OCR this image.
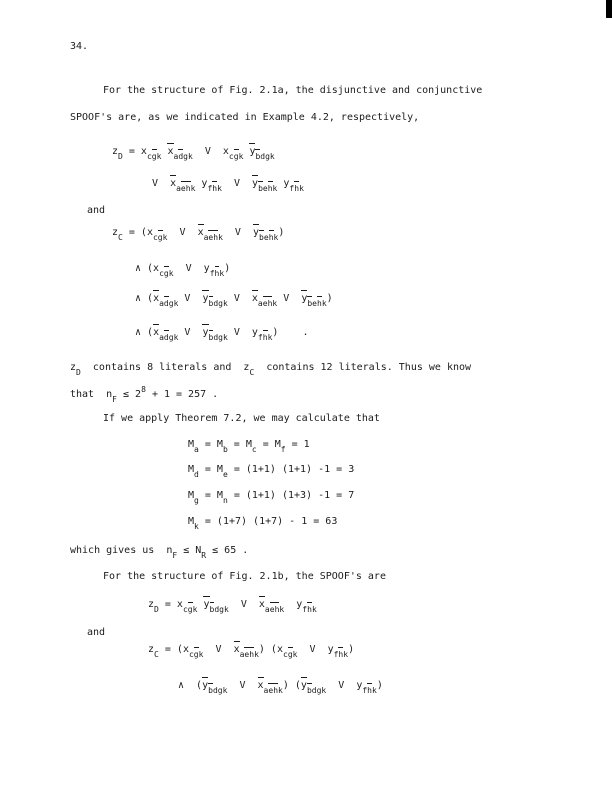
34.
For the structure of Fig. 2.1a, the disjunctive and conjunctive
SPOOF's are, as we indicated in Example 4.2, respectively,
$z_D = x_{cgk}$ $x_{adgk}$  V  $x_{cgk}$ $y_{bdgk}$
V  $x_{aehk}$ $y_{fhk}$  V  $y_{behk}$ $y_{fhk}$
and
$z_C = (x_{cgk}$  V  $x_{aehk}$  V  $y_{behk}$)
∧ ($x_{cgk}$  V  $y_{fhk}$)
∧ ($x_{adgk}$ V  $y_{bdgk}$ V  $x_{aehk}$ V  $y_{behk}$)
∧ ($x_{adgk}$ V  $y_{bdgk}$ V  $y_{fhk}$)    .
$z_D$ contains 8 literals and  $z_C$ contains 12 literals. Thus we know
that  $n_F \le 2^8 + 1 = 257$ .
If we apply Theorem 7.2, we may calculate that
$M_a = M_b = M_c = M_f = 1$
$M_d = M_e = (1+1)$ (1+1) -1 = 3
$M_g = M_n = (1+1)$ (1+3) -1 = 7
$M_k = (1+7)$ (1+7) - 1 = 63
which gives us  $n_F \le N_R \le 65$ .
For the structure of Fig. 2.1b, the SPOOF's are
$z_D = x_{cgk}$ $y_{bdgk}$  V  $x_{aehk}$  $y_{fhk}$
and
$z_C = (x_{cgk}$  V  $x_{aehk}$) ($x_{cgk}$  V  $y_{fhk}$)
∧  ($y_{bdgk}$  V  $x_{aehk}$) ($y_{bdgk}$  V  $y_{fhk}$)
